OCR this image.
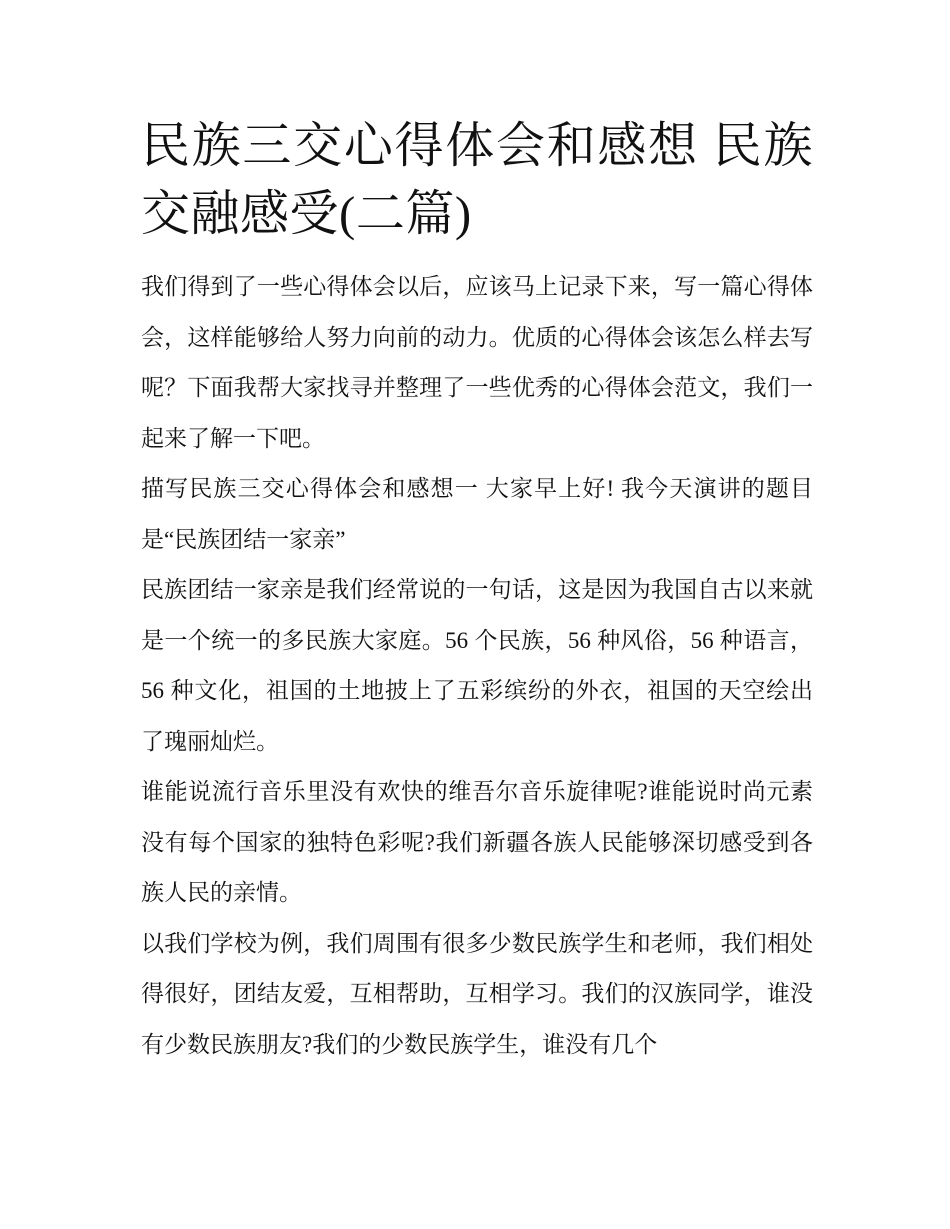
民族三交心得体会和感想 民族交融感受(二篇)

我们得到了一些心得体会以后，应该马上记录下来，写一篇心得体会，这样能够给人努力向前的动力。优质的心得体会该怎么样去写呢？下面我帮大家找寻并整理了一些优秀的心得体会范文，我们一起来了解一下吧。

描写民族三交心得体会和感想一 大家早上好! 我今天演讲的题目是“民族团结一家亲”

民族团结一家亲是我们经常说的一句话，这是因为我国自古以来就是一个统一的多民族大家庭。56 个民族，56 种风俗，56 种语言，56 种文化，祖国的土地披上了五彩缤纷的外衣，祖国的天空绘出了瑰丽灿烂。

谁能说流行音乐里没有欢快的维吾尔音乐旋律呢?谁能说时尚元素没有每个国家的独特色彩呢?我们新疆各族人民能够深切感受到各族人民的亲情。

以我们学校为例，我们周围有很多少数民族学生和老师，我们相处得很好，团结友爱，互相帮助，互相学习。我们的汉族同学，谁没有少数民族朋友?我们的少数民族学生，谁没有几个
